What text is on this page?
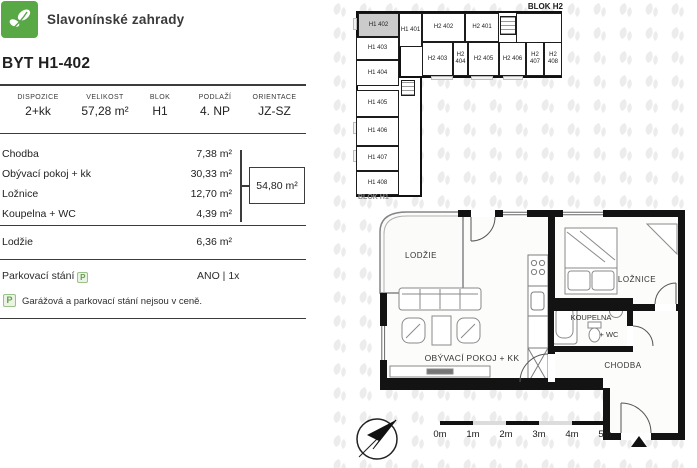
Slavonínské zahrady
BYT H1-402
DISPOZICE
2+kk
VELIKOST
57,28 m²
BLOK
H1
PODLAŽÍ
4. NP
ORIENTACE
JZ-SZ
Chodba	7,38 m²
Obývací pokoj + kk	30,33 m²
Ložnice	12,70 m²
Koupelna + WC	4,39 m²
54,80 m²
Lodžie	6,36 m²
Parkovací stání P	ANO | 1x
P	Garážová a parkovací stání nejsou v ceně.
BLOK H2
H1 402
H1 401
H1 403
H1 404
H1 405
H1 406
H1 407
H1 408
H2 402	H2 401
H2 403
H2 404
H2 405	H2 406
H2 407
H2 408
BLOK H1
LODŽIE
OBÝVACÍ POKOJ + KK
LOŽNICE
KOUPELNA
+ WC
CHODBA
0m	1m	2m	3m	4m	5m
